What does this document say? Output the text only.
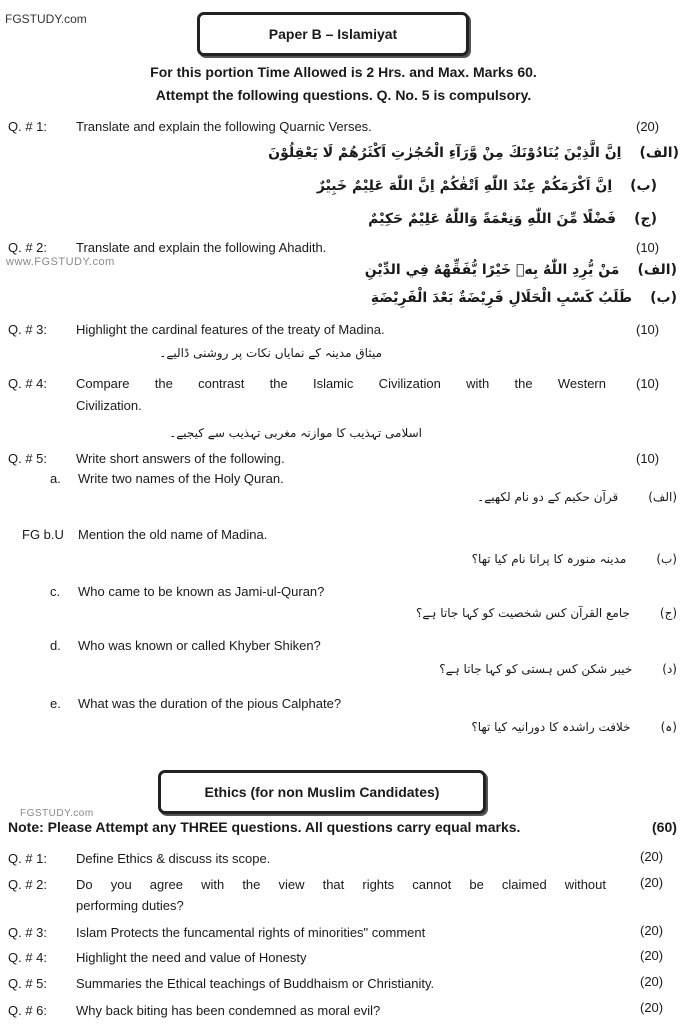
FGSTUDY.com
Paper B – Islamiyat
For this portion Time Allowed is 2 Hrs. and Max. Marks 60.
Attempt the following questions. Q. No. 5 is compulsory.
Q. # 1: Translate and explain the following Quarnic Verses.	(20)
(الف)
اِنَّ الَّذِيْنَ يُنَادُوْنَكَ مِنْ وَّرَآءِ الْحُجُرٰتِ اَكْثَرُهُمْ لَا يَعْقِلُوْنَ
(ب)
اِنَّ اَكْرَمَكُمْ عِنْدَ اللّٰهِ اَتْقٰكُمْ اِنَّ اللّٰهَ عَلِيْمٌ خَبِيْرٌ
(ج)
فَضْلًا مِّنَ اللّٰهِ وَنِعْمَةً وَاللّٰهُ عَلِيْمٌ حَكِيْمٌ
Q. # 2: Translate and explain the following Ahadith.	(10)
www.FGSTUDY.com	(الف)
مَنْ يُّرِدِ اللّٰهُ بِهٖ خَيْرًا يُّفَقِّهْهُ فِي الدِّيْنِ
(ب)
طَلَبُ كَسْبِ الْحَلَالِ فَرِيْضَةٌ بَعْدَ الْفَرِيْضَةِ
Q. # 3: Highlight the cardinal features of the treaty of Madina.	(10)
میثاق مدینہ کے نمایاں نکات پر روشنی ڈالیے۔
Q. # 4: Compare the contrast the Islamic Civilization with the Western
Civilization.
(10)
اسلامی تہذیب کا موازنہ مغربی تہذیب سے کیجیے۔
Q. # 5: Write short answers of the following.	(10)
a. Write two names of the Holy Quran.
(الف)
قرآن حکیم کے دو نام لکھیے۔
FG b.U Mention the old name of Madina.
(ب)
مدینہ منورہ کا پرانا نام کیا تھا؟
c. Who came to be known as Jami-ul-Quran?
(ج)
جامع القرآن کس شخصیت کو کہا جاتا ہے؟
d. Who was known or called Khyber Shiken?
(د)
خیبر شکن کس ہستی کو کہا جاتا ہے؟
e. What was the duration of the pious Calphate?
(ہ)
خلافت راشدہ کا دورانیہ کیا تھا؟
Ethics (for non Muslim Candidates)
FGSTUDY.com
Note: Please Attempt any THREE questions. All questions carry equal marks.	(60)
Q. # 1: Define Ethics & discuss its scope.	(20)
Q. # 2: Do you agree with the view that rights cannot be claimed without
performing duties?
(20)
Q. # 3: Islam Protects the funcamental rights of minorities" comment	(20)
Q. # 4: Highlight the need and value of Honesty	(20)
Q. # 5: Summaries the Ethical teachings of Buddhaism or Christianity.	(20)
Q. # 6: Why back biting has been condemned as moral evil?	(20)
